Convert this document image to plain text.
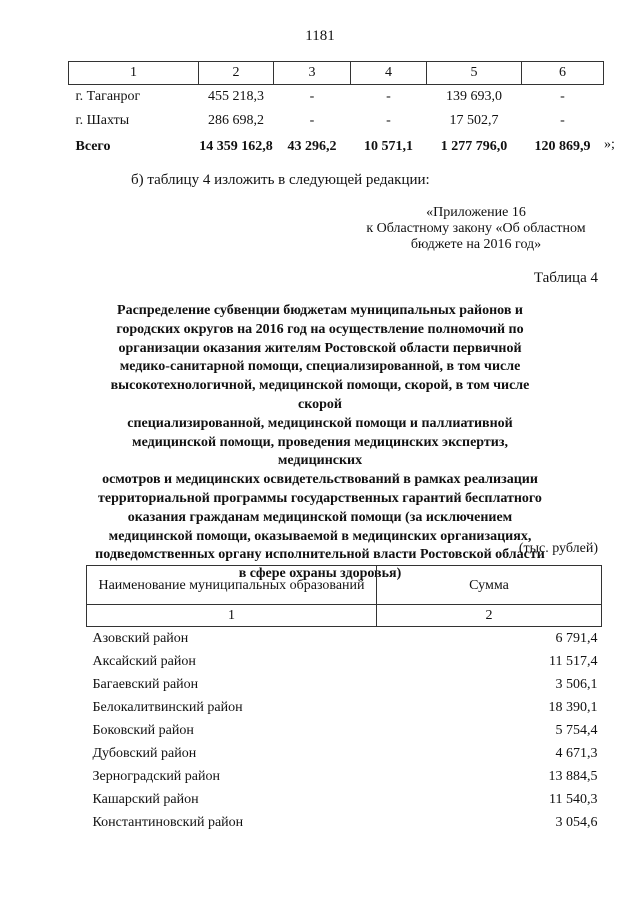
1181
1	2	3	4	5	6
г. Таганрог	455 218,3	-	-	139 693,0	-
г. Шахты	286 698,2	-	-	17 502,7	-
Всего	14 359 162,8	43 296,2	10 571,1	1 277 796,0	120 869,9 »;
б) таблицу 4 изложить в следующей редакции:
«Приложение 16
к Областному закону «Об областном
бюджете на 2016 год»
Таблица 4
Распределение субвенции бюджетам муниципальных районов и
городских округов на 2016 год на осуществление полномочий по
организации оказания жителям Ростовской области первичной
медико-санитарной помощи, специализированной, в том числе
высокотехнологичной, медицинской помощи, скорой, в том числе скорой
специализированной, медицинской помощи и паллиативной
медицинской помощи, проведения медицинских экспертиз, медицинских
осмотров и медицинских освидетельствований в рамках реализации
территориальной программы государственных гарантий бесплатного
оказания гражданам медицинской помощи (за исключением
медицинской помощи, оказываемой в медицинских организациях,
подведомственных органу исполнительной власти Ростовской области
в сфере охраны здоровья)
(тыс. рублей)
Наименование муниципальных образований	Сумма
1	2
Азовский район	6 791,4
Аксайский район	11 517,4
Багаевский район	3 506,1
Белокалитвинский район	18 390,1
Боковский район	5 754,4
Дубовский район	4 671,3
Зерноградский район	13 884,5
Кашарский район	11 540,3
Константиновский район	3 054,6
